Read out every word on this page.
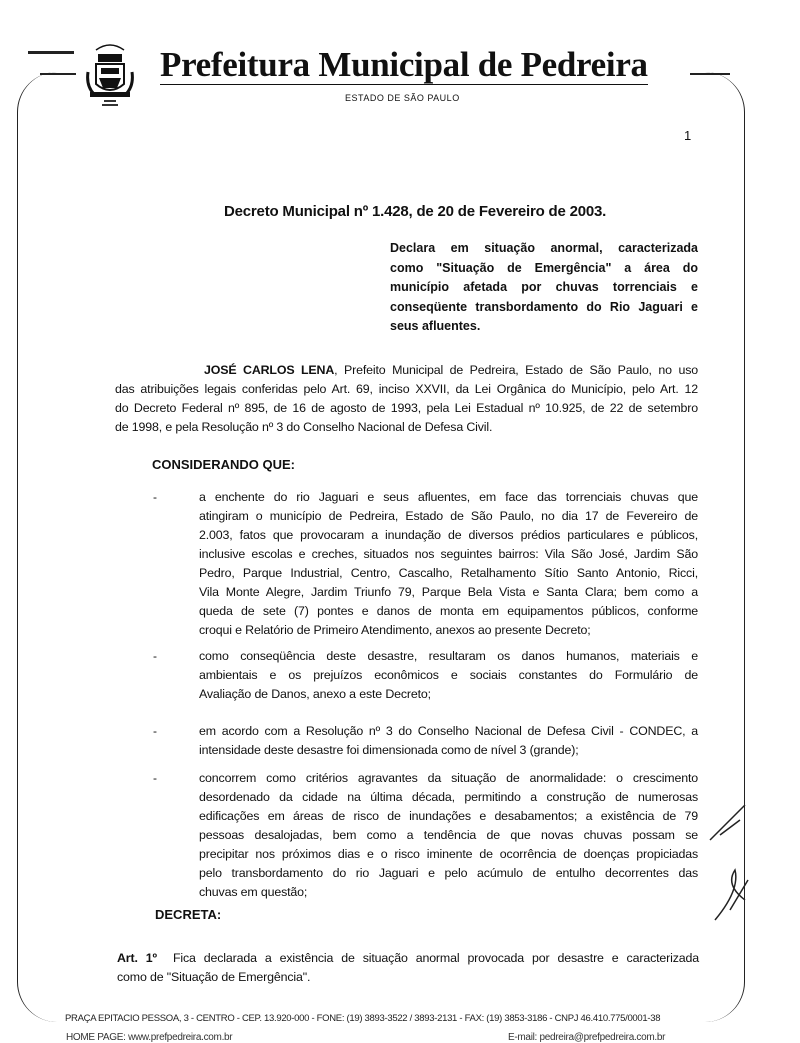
Prefeitura Municipal de Pedreira
ESTADO DE SÃO PAULO
1
Decreto Municipal nº 1.428, de 20 de Fevereiro de 2003.
Declara em situação anormal, caracterizada
como "Situação de Emergência" a área do
município afetada por chuvas torrenciais e
conseqüente transbordamento do Rio Jaguari e
seus afluentes.
JOSÉ CARLOS LENA, Prefeito Municipal de Pedreira, Estado de São Paulo, no uso
das atribuições legais conferidas pelo Art. 69, inciso XXVII, da Lei Orgânica do Município, pelo Art. 12
do Decreto Federal nº 895, de 16 de agosto de 1993, pela Lei Estadual nº 10.925, de 22 de setembro
de 1998, e pela Resolução nº 3 do Conselho Nacional de Defesa Civil.
CONSIDERANDO QUE:
-	a enchente do rio Jaguari e seus afluentes, em face das torrenciais chuvas que
atingiram o município de Pedreira, Estado de São Paulo, no dia 17 de Fevereiro de
2.003, fatos que provocaram a inundação de diversos prédios particulares e públicos,
inclusive escolas e creches, situados nos seguintes bairros: Vila São José, Jardim São
Pedro, Parque Industrial, Centro, Cascalho, Retalhamento Sítio Santo Antonio, Ricci,
Vila Monte Alegre, Jardim Triunfo 79, Parque Bela Vista e Santa Clara; bem como a
queda de sete (7) pontes e danos de monta em equipamentos públicos, conforme
croqui e Relatório de Primeiro Atendimento, anexos ao presente Decreto;
-	como conseqüência deste desastre, resultaram os danos humanos, materiais e
ambientais e os prejuízos econômicos e sociais constantes do Formulário de
Avaliação de Danos, anexo a este Decreto;
-	em acordo com a Resolução nº 3 do Conselho Nacional de Defesa Civil - CONDEC, a
intensidade deste desastre foi dimensionada como de nível 3 (grande);
-	concorrem como critérios agravantes da situação de anormalidade: o crescimento
desordenado da cidade na última década, permitindo a construção de numerosas
edificações em áreas de risco de inundações e desabamentos; a existência de 79
pessoas desalojadas, bem como a tendência de que novas chuvas possam se
precipitar nos próximos dias e o risco iminente de ocorrência de doenças propiciadas
pelo transbordamento do rio Jaguari e pelo acúmulo de entulho decorrentes das
chuvas em questão;
DECRETA:
Art. 1º Fica declarada a existência de situação anormal provocada por desastre e caracterizada
como de "Situação de Emergência".
PRAÇA EPITACIO PESSOA, 3 - CENTRO - CEP. 13.920-000 - FONE: (19) 3893-3522 / 3893-2131 - FAX: (19) 3853-3186 - CNPJ 46.410.775/0001-38
HOME PAGE: www.prefpedreira.com.br	E-mail: pedreira@prefpedreira.com.br
